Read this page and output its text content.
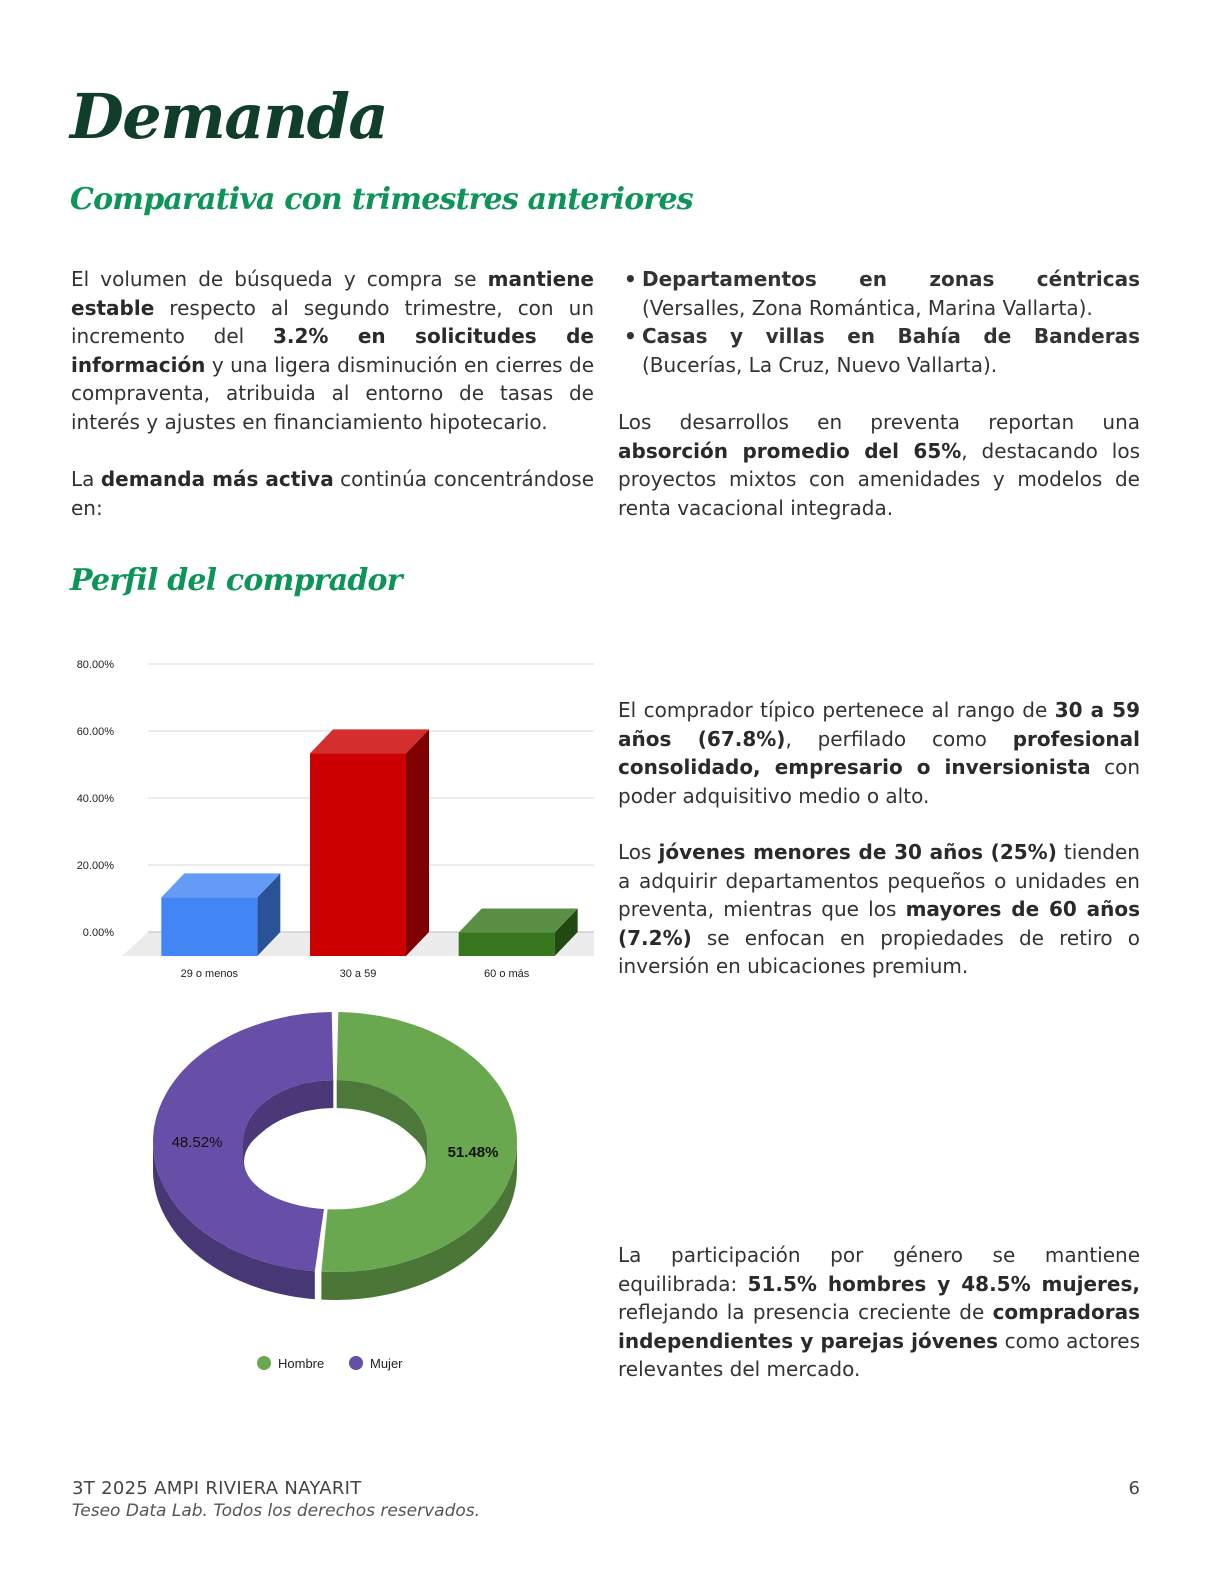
Demanda
Comparativa con trimestres anteriores

El volumen de búsqueda y compra se mantiene estable respecto al segundo trimestre, con un incremento del 3.2% en solicitudes de información y una ligera disminución en cierres de compraventa, atribuida al entorno de tasas de interés y ajustes en financiamiento hipotecario.

La demanda más activa continúa concentrándose en:

• Departamentos en zonas céntricas (Versalles, Zona Romántica, Marina Vallarta).
• Casas y villas en Bahía de Banderas (Bucerías, La Cruz, Nuevo Vallarta).

Los desarrollos en preventa reportan una absorción promedio del 65%, destacando los proyectos mixtos con amenidades y modelos de renta vacacional integrada.

Perfil del comprador
0.00%
20.00%
40.00%
60.00%
80.00%
29 o menos	30 a 59	60 o más
51.48%
48.52%
Hombre	Mujer

El comprador típico pertenece al rango de 30 a 59 años (67.8%), perfilado como profesional consolidado, empresario o inversionista con poder adquisitivo medio o alto.

Los jóvenes menores de 30 años (25%) tienden a adquirir departamentos pequeños o unidades en preventa, mientras que los mayores de 60 años (7.2%) se enfocan en propiedades de retiro o inversión en ubicaciones premium.

La participación por género se mantiene equilibrada: 51.5% hombres y 48.5% mujeres, reflejando la presencia creciente de compradoras independientes y parejas jóvenes como actores relevantes del mercado.

3T 2025 AMPI RIVIERA NAYARIT
Teseo Data Lab. Todos los derechos reservados.
6
